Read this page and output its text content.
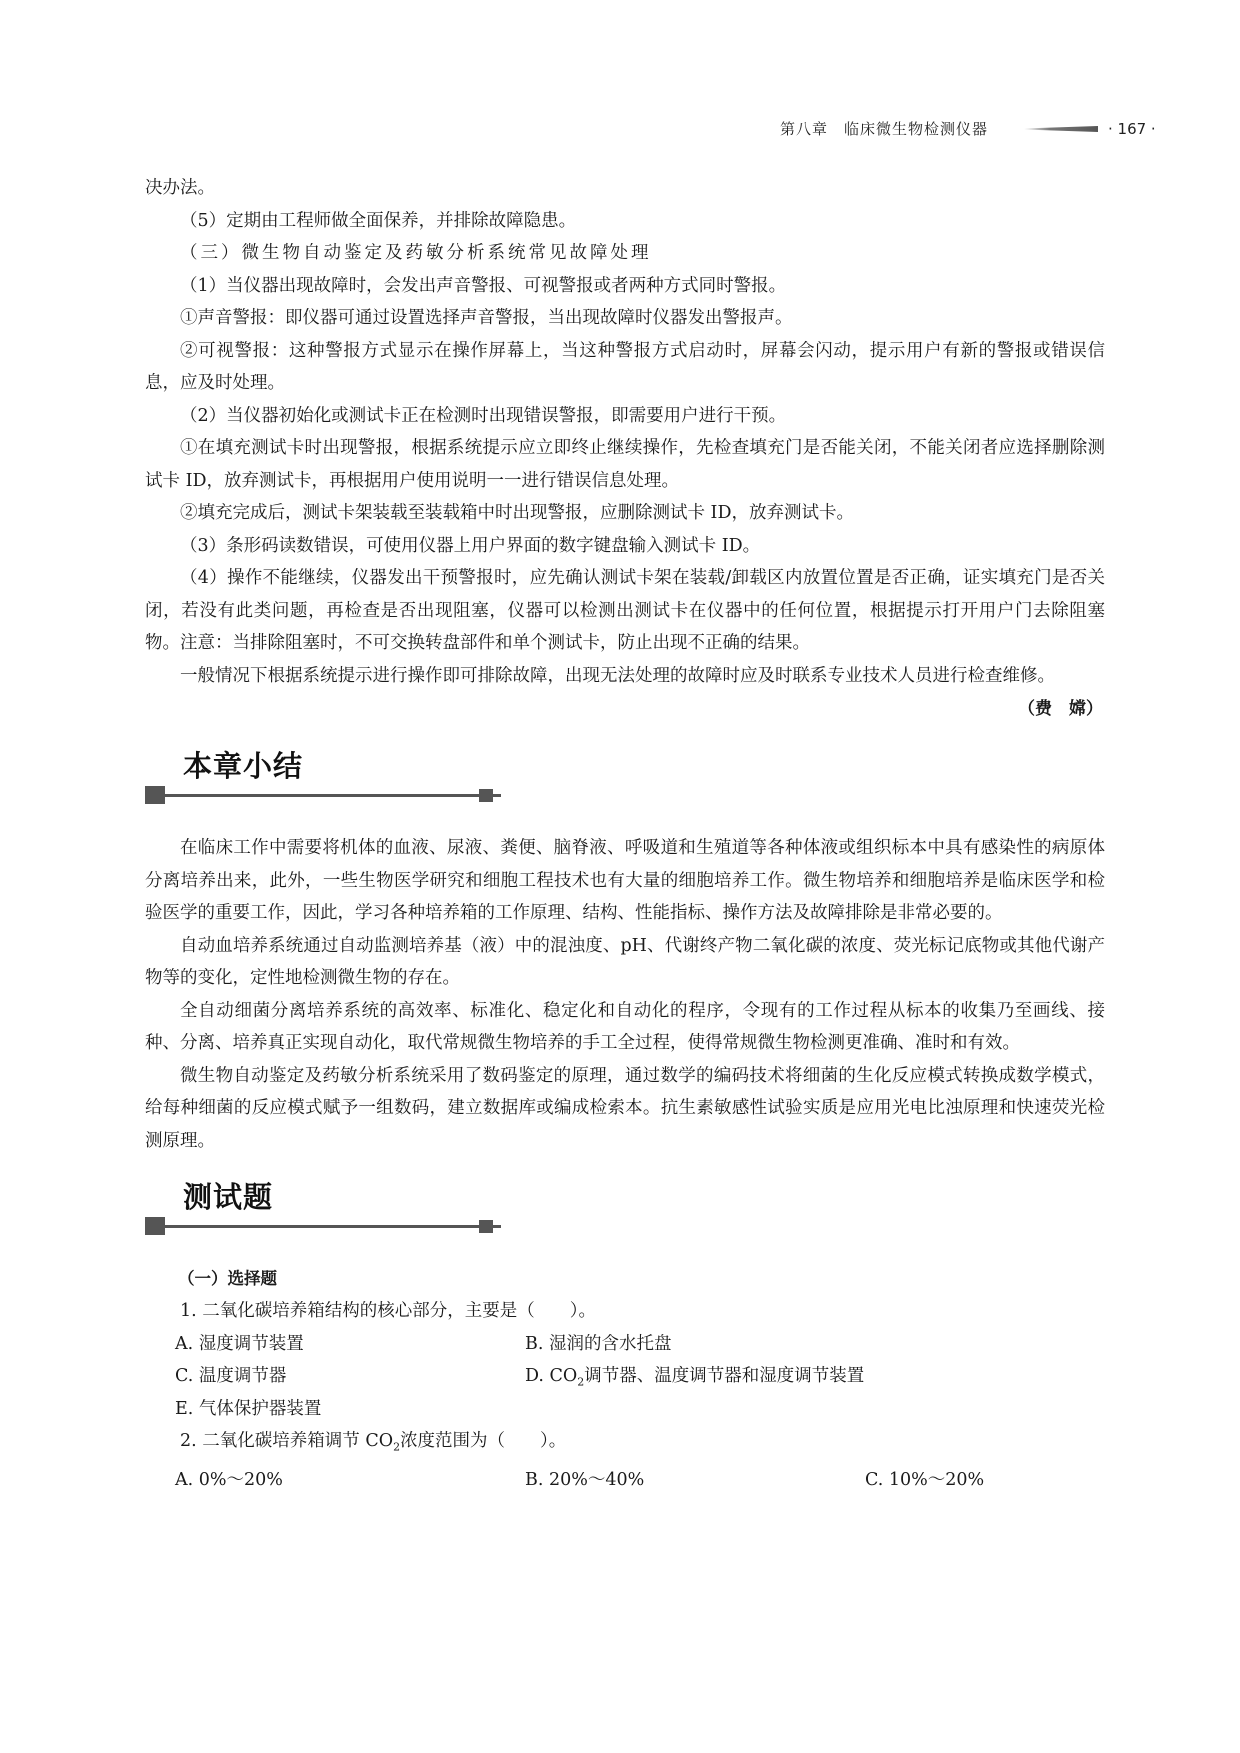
第八章　临床微生物检测仪器	· 167 ·

决办法。

（5）定期由工程师做全面保养，并排除故障隐患。

（三）微生物自动鉴定及药敏分析系统常见故障处理

（1）当仪器出现故障时，会发出声音警报、可视警报或者两种方式同时警报。

①声音警报：即仪器可通过设置选择声音警报，当出现故障时仪器发出警报声。

②可视警报：这种警报方式显示在操作屏幕上，当这种警报方式启动时，屏幕会闪动，提示用户有新的警报或错误信息，应及时处理。

（2）当仪器初始化或测试卡正在检测时出现错误警报，即需要用户进行干预。

①在填充测试卡时出现警报，根据系统提示应立即终止继续操作，先检查填充门是否能关闭，不能关闭者应选择删除测试卡 ID，放弃测试卡，再根据用户使用说明一一进行错误信息处理。

②填充完成后，测试卡架装载至装载箱中时出现警报，应删除测试卡 ID，放弃测试卡。

（3）条形码读数错误，可使用仪器上用户界面的数字键盘输入测试卡 ID。

（4）操作不能继续，仪器发出干预警报时，应先确认测试卡架在装载/卸载区内放置位置是否正确，证实填充门是否关闭，若没有此类问题，再检查是否出现阻塞，仪器可以检测出测试卡在仪器中的任何位置，根据提示打开用户门去除阻塞物。注意：当排除阻塞时，不可交换转盘部件和单个测试卡，防止出现不正确的结果。

一般情况下根据系统提示进行操作即可排除故障，出现无法处理的故障时应及时联系专业技术人员进行检查维修。

（费　嫦）
本章小结

在临床工作中需要将机体的血液、尿液、粪便、脑脊液、呼吸道和生殖道等各种体液或组织标本中具有感染性的病原体分离培养出来，此外，一些生物医学研究和细胞工程技术也有大量的细胞培养工作。微生物培养和细胞培养是临床医学和检验医学的重要工作，因此，学习各种培养箱的工作原理、结构、性能指标、操作方法及故障排除是非常必要的。

自动血培养系统通过自动监测培养基（液）中的混浊度、pH、代谢终产物二氧化碳的浓度、荧光标记底物或其他代谢产物等的变化，定性地检测微生物的存在。

全自动细菌分离培养系统的高效率、标准化、稳定化和自动化的程序，令现有的工作过程从标本的收集乃至画线、接种、分离、培养真正实现自动化，取代常规微生物培养的手工全过程，使得常规微生物检测更准确、准时和有效。

微生物自动鉴定及药敏分析系统采用了数码鉴定的原理，通过数学的编码技术将细菌的生化反应模式转换成数学模式，给每种细菌的反应模式赋予一组数码，建立数据库或编成检索本。抗生素敏感性试验实质是应用光电比浊原理和快速荧光检测原理。

测试题
（一）选择题
1. 二氧化碳培养箱结构的核心部分，主要是（　　）。
A. 湿度调节装置	B. 湿润的含水托盘
C. 温度调节器	D. $CO_2$调节器、温度调节器和湿度调节装置
E. 气体保护器装置
2. 二氧化碳培养箱调节 $CO_2$浓度范围为（　　）。
A. 0%～20%	B. 20%～40%	C. 10%～20%
